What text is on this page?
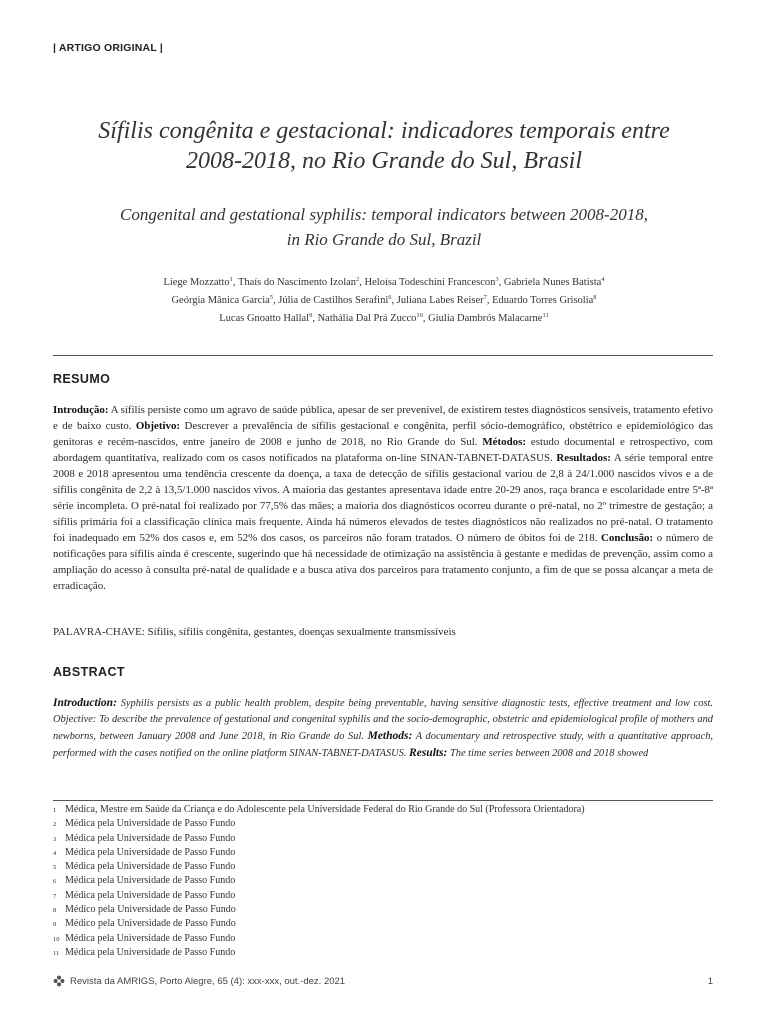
| ARTIGO ORIGINAL |
Sífilis congênita e gestacional: indicadores temporais entre
2008-2018, no Rio Grande do Sul, Brasil
Congenital and gestational syphilis: temporal indicators between 2008-2018,
in Rio Grande do Sul, Brazil
Liege Mozzatto$^1$, Thaís do Nascimento Izolan$^2$, Heloísa Todeschini Francescon$^3$, Gabriela Nunes Batista$^4$
Geórgia Mânica Garcia$^5$, Júlia de Castilhos Serafini$^6$, Juliana Labes Reiser$^7$, Eduardo Torres Grisolia$^8$
Lucas Gnoatto Hallal$^9$, Nathália Dal Prá Zucco$^{10}$, Giulia Dambrós Malacarne$^{11}$
RESUMO
Introdução: A sífilis persiste como um agravo de saúde pública, apesar de ser prevenível, de existirem testes diagnósticos sensíveis, tratamento efetivo e de baixo custo. Objetivo: Descrever a prevalência de sífilis gestacional e congênita, perfil sócio-demográfico, obstétrico e epidemiológico das genitoras e recém-nascidos, entre janeiro de 2008 e junho de 2018, no Rio Grande do Sul. Métodos: estudo documental e retrospectivo, com abordagem quantitativa, realizado com os casos notificados na plataforma on-line SINAN-TABNET-DATASUS. Resultados: A série temporal entre 2008 e 2018 apresentou uma tendência crescente da doença, a taxa de detecção de sífilis gestacional variou de 2,8 à 24/1.000 nascidos vivos e a de sífilis congênita de 2,2 à 13,5/1.000 nascidos vivos. A maioria das gestantes apresentava idade entre 20-29 anos, raça branca e escolaridade entre 5ª-8ª série incompleta. O pré-natal foi realizado por 77,5% das mães; a maioria dos diagnósticos ocorreu durante o pré-natal, no 2º trimestre de gestação; a sífilis primária foi a classificação clínica mais frequente. Ainda há números elevados de testes diagnósticos não realizados no pré-natal. O tratamento foi inadequado em 52% dos casos e, em 52% dos casos, os parceiros não foram tratados. O número de óbitos foi de 218. Conclusão: o número de notificações para sífilis ainda é crescente, sugerindo que há necessidade de otimização na assistência à gestante e medidas de prevenção, assim como a ampliação do acesso à consulta pré-natal de qualidade e a busca ativa dos parceiros para tratamento conjunto, a fim de que se possa alcançar a meta de erradicação.
PALAVRA-CHAVE: Sífilis, sífilis congênita, gestantes, doenças sexualmente transmissíveis
ABSTRACT
Introduction: Syphilis persists as a public health problem, despite being preventable, having sensitive diagnostic tests, effective treatment and low cost. Objective: To describe the prevalence of gestational and congenital syphilis and the socio-demographic, obstetric and epidemiological profile of mothers and newborns, between January 2008 and June 2018, in Rio Grande do Sul. Methods: A documentary and retrospective study, with a quantitative approach, performed with the cases notified on the online platform SINAN-TABNET-DATASUS. Results: The time series between 2008 and 2018 showed
1 Médica, Mestre em Saúde da Criança e do Adolescente pela Universidade Federal do Rio Grande do Sul (Professora Orientadora)
2 Médica pela Universidade de Passo Fundo
3 Médica pela Universidade de Passo Fundo
4 Médica pela Universidade de Passo Fundo
5 Médica pela Universidade de Passo Fundo
6 Médica pela Universidade de Passo Fundo
7 Médica pela Universidade de Passo Fundo
8 Médico pela Universidade de Passo Fundo
9 Médico pela Universidade de Passo Fundo
10 Médica pela Universidade de Passo Fundo
11 Médica pela Universidade de Passo Fundo
Revista da AMRIGS, Porto Alegre, 65 (4): xxx-xxx, out.-dez. 2021	1
